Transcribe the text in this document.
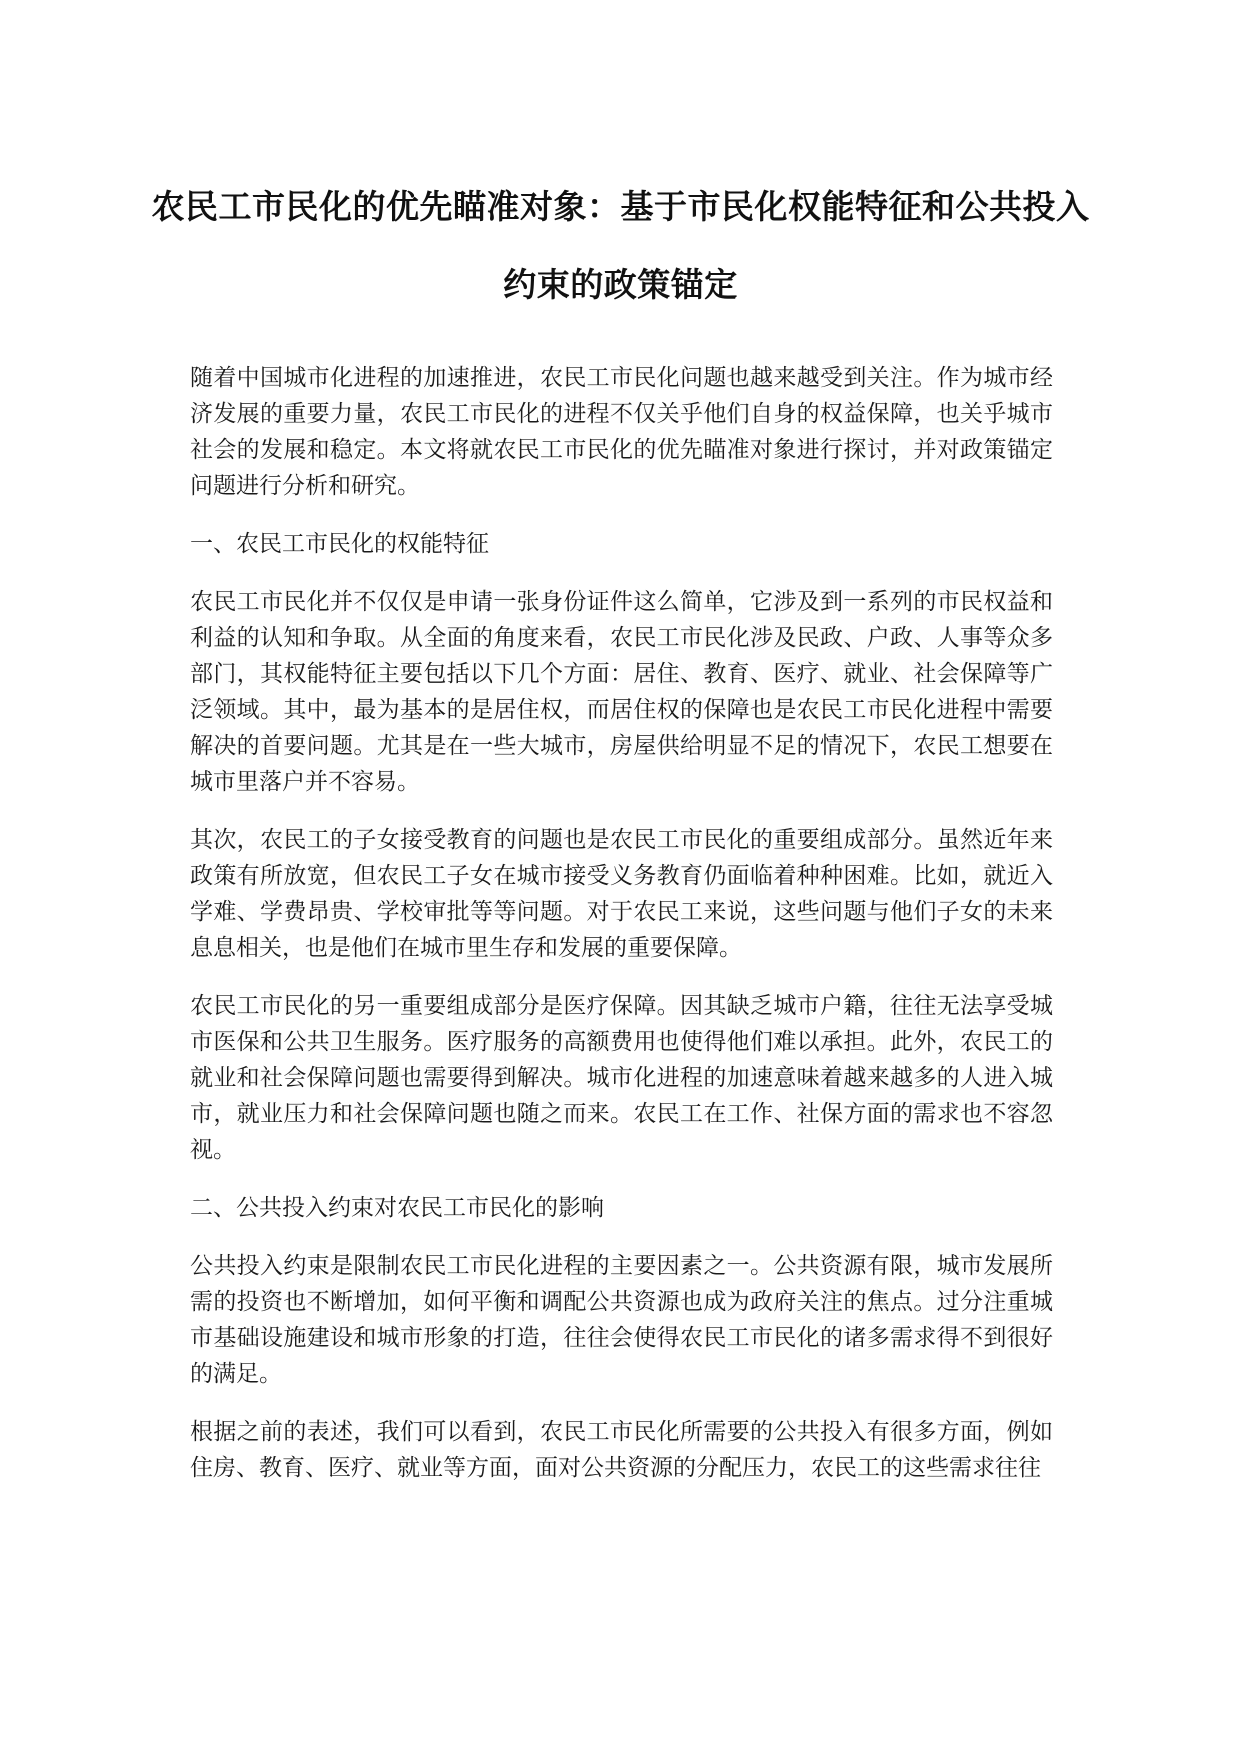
农民工市民化的优先瞄准对象：基于市民化权能特征和公共投入约束的政策锚定

随着中国城市化进程的加速推进，农民工市民化问题也越来越受到关注。作为城市经济发展的重要力量，农民工市民化的进程不仅关乎他们自身的权益保障，也关乎城市社会的发展和稳定。本文将就农民工市民化的优先瞄准对象进行探讨，并对政策锚定问题进行分析和研究。

一、农民工市民化的权能特征

农民工市民化并不仅仅是申请一张身份证件这么简单，它涉及到一系列的市民权益和利益的认知和争取。从全面的角度来看，农民工市民化涉及民政、户政、人事等众多部门，其权能特征主要包括以下几个方面：居住、教育、医疗、就业、社会保障等广泛领域。其中，最为基本的是居住权，而居住权的保障也是农民工市民化进程中需要解决的首要问题。尤其是在一些大城市，房屋供给明显不足的情况下，农民工想要在城市里落户并不容易。

其次，农民工的子女接受教育的问题也是农民工市民化的重要组成部分。虽然近年来政策有所放宽，但农民工子女在城市接受义务教育仍面临着种种困难。比如，就近入学难、学费昂贵、学校审批等等问题。对于农民工来说，这些问题与他们子女的未来息息相关，也是他们在城市里生存和发展的重要保障。

农民工市民化的另一重要组成部分是医疗保障。因其缺乏城市户籍，往往无法享受城市医保和公共卫生服务。医疗服务的高额费用也使得他们难以承担。此外，农民工的就业和社会保障问题也需要得到解决。城市化进程的加速意味着越来越多的人进入城市，就业压力和社会保障问题也随之而来。农民工在工作、社保方面的需求也不容忽视。

二、公共投入约束对农民工市民化的影响

公共投入约束是限制农民工市民化进程的主要因素之一。公共资源有限，城市发展所需的投资也不断增加，如何平衡和调配公共资源也成为政府关注的焦点。过分注重城市基础设施建设和城市形象的打造，往往会使得农民工市民化的诸多需求得不到很好的满足。

根据之前的表述，我们可以看到，农民工市民化所需要的公共投入有很多方面，例如住房、教育、医疗、就业等方面，面对公共资源的分配压力，农民工的这些需求往往
